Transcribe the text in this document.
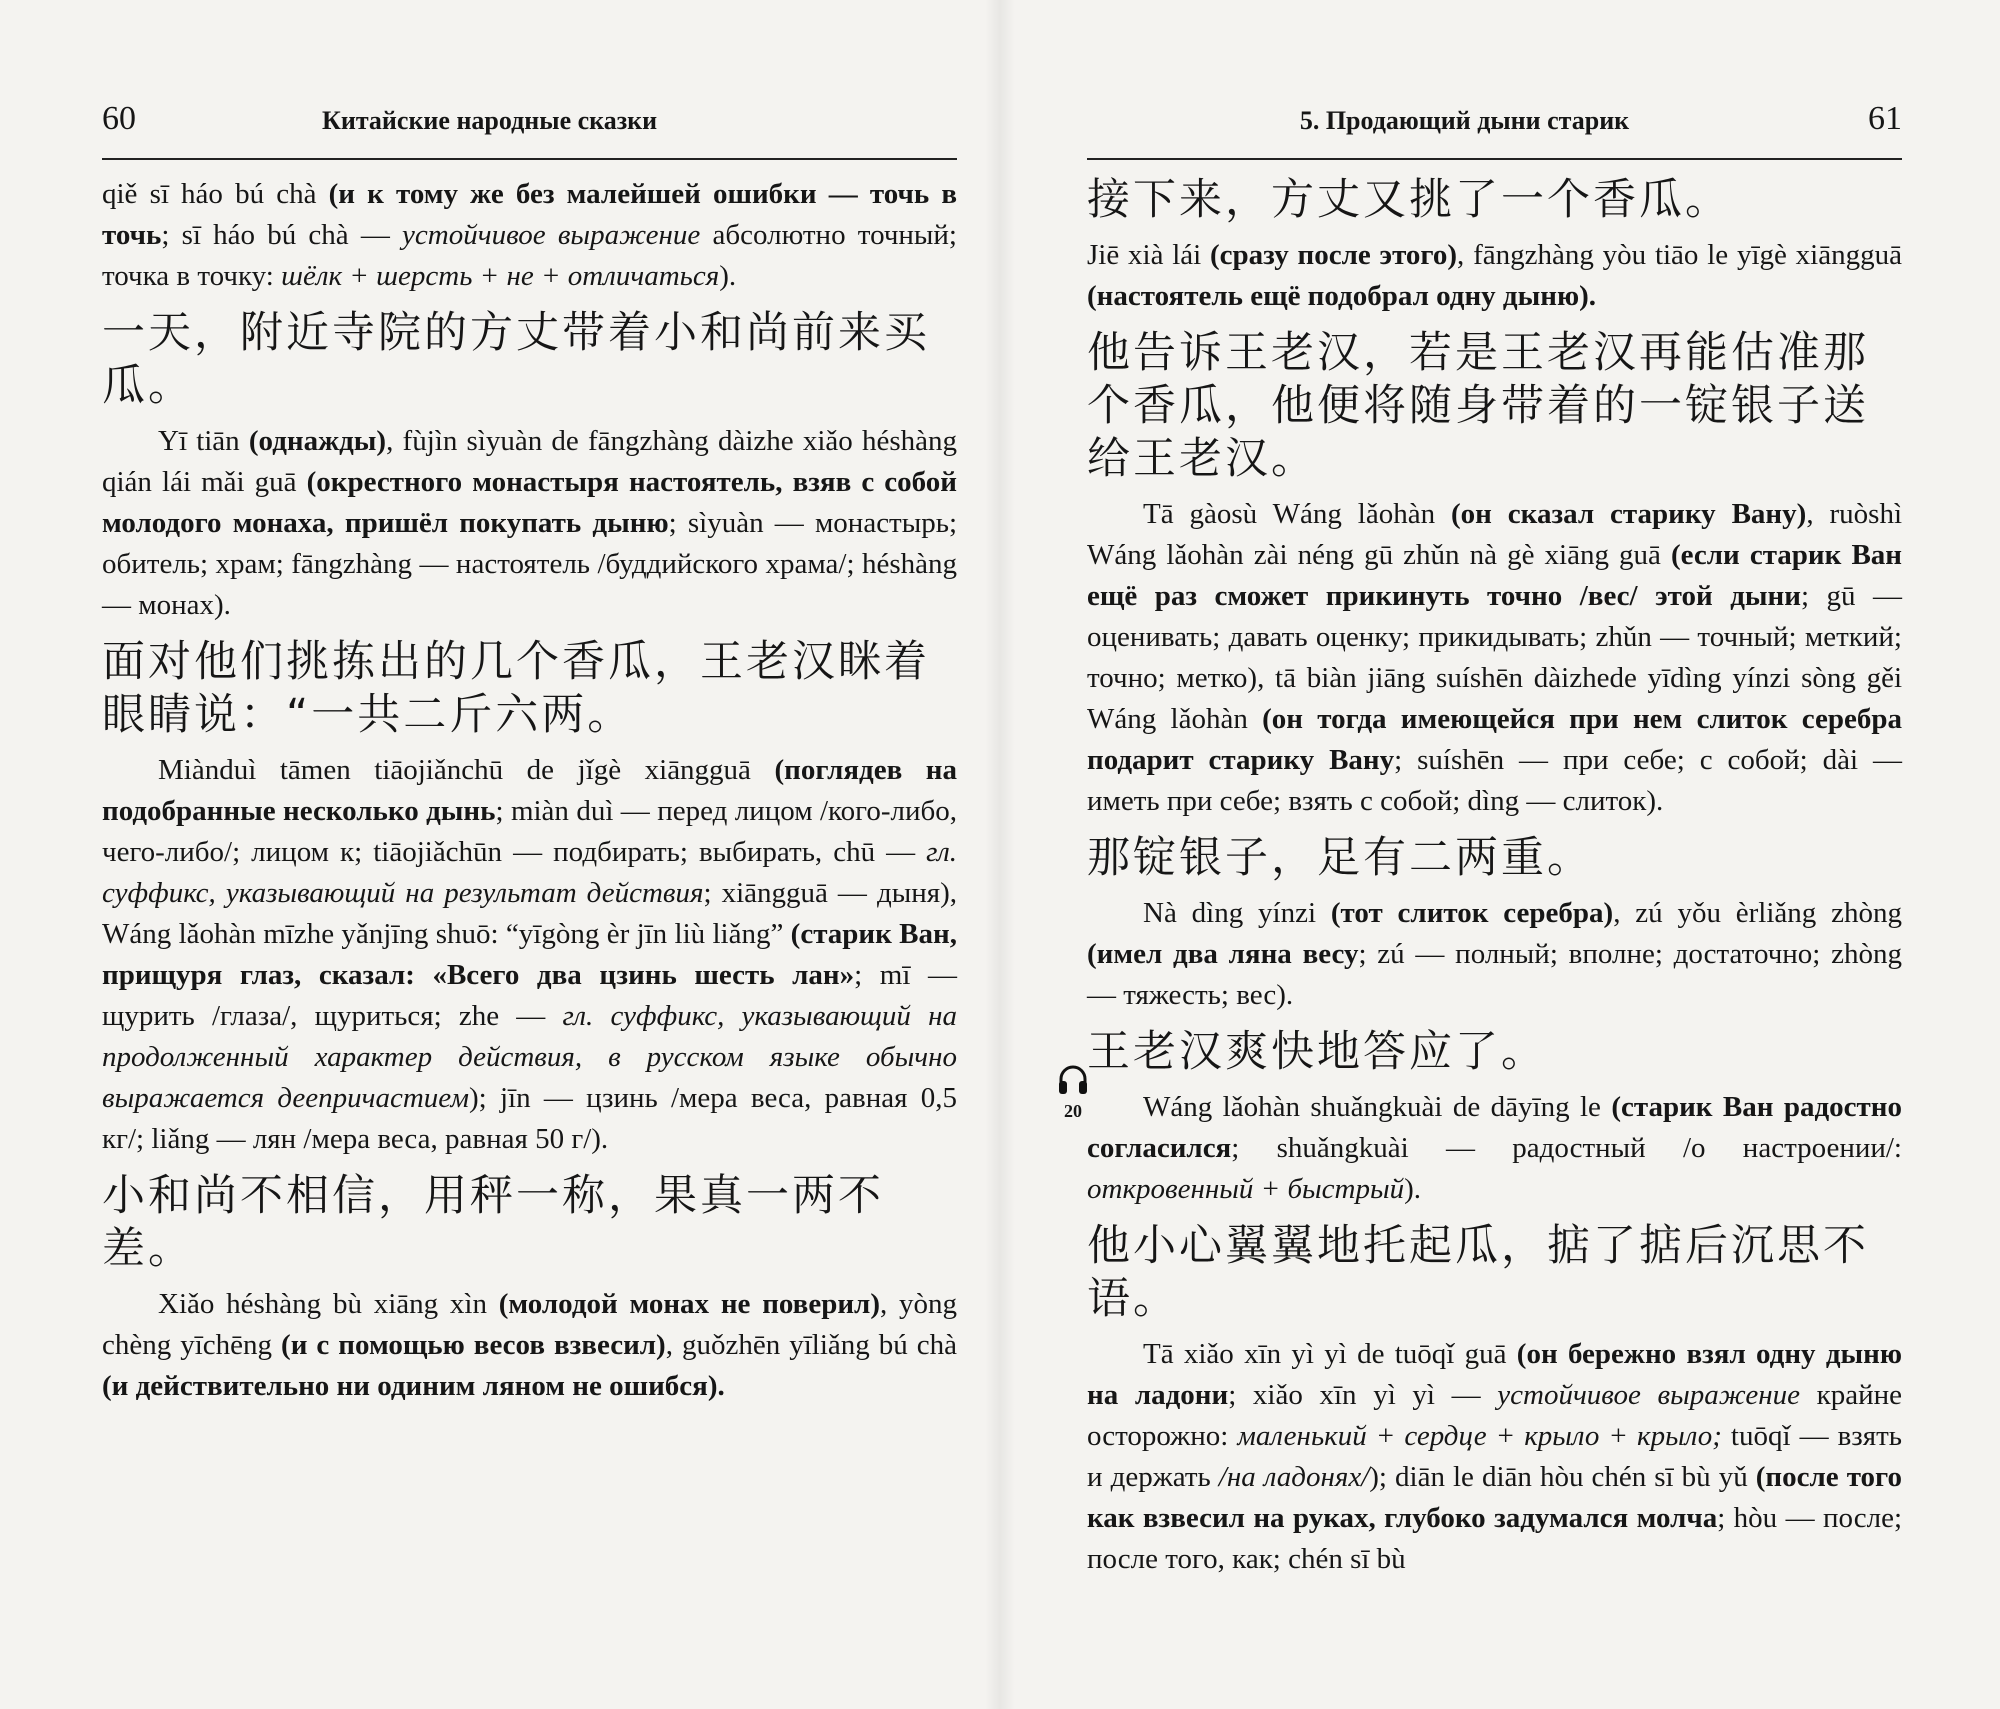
60	Китайские народные сказки

qiě sī háo bú chà (и к тому же без малейшей ошибки — точь в точь; sī háo bú chà — устойчивое выражение абсолютно точный; точка в точку: шёлк + шерсть + не + отличаться).

一天，附近寺院的方丈带着小和尚前来买瓜。

Yī tiān (однажды), fùjìn sìyuàn de fāngzhàng dàizhe xiǎo héshàng qián lái mǎi guā (окрестного монастыря настоятель, взяв с собой молодого монаха, пришёл покупать дыню; sìyuàn — монастырь; обитель; храм; fāngzhàng — настоятель /буддийского храма/; héshàng — монах).

面对他们挑拣出的几个香瓜，王老汉眯着眼睛说：“一共二斤六两。

Miànduì tāmen tiāojiǎnchū de jǐgè xiāngguā (поглядев на подобранные несколько дынь; miàn duì — перед лицом /кого-либо, чего-либо/; лицом к; tiāojiǎchūn — подбирать; выбирать, chū — гл. суффикс, указывающий на результат действия; xiāngguā — дыня), Wáng lǎohàn mīzhe yǎnjīng shuō: “yīgòng èr jīn liù liǎng” (старик Ван, прищуря глаз, сказал: «Всего два цзинь шесть лан»; mī — щурить /глаза/, щуриться; zhe — гл. суффикс, указывающий на продолженный характер действия, в русском языке обычно выражается деепричастием); jīn — цзинь /мера веса, равная 0,5 кг/; liǎng — лян /мера веса, равная 50 г/).

小和尚不相信，用秤一称，果真一两不差。

Xiǎo héshàng bù xiāng xìn (молодой монах не поверил), yòng chèng yīchēng (и с помощью весов взвесил), guǒzhēn yīliǎng bú chà (и действительно ни одиним ляном не ошибся).

20
5. Продающий дыни старик	61
接下来，方丈又挑了一个香瓜。

Jiē xià lái (сразу после этого), fāngzhàng yòu tiāo le yīgè xiāngguā (настоятель ещё подобрал одну дыню).

他告诉王老汉，若是王老汉再能估准那个香瓜，他便将随身带着的一锭银子送给王老汉。

Tā gàosù Wáng lǎohàn (он сказал старику Вану), ruòshì Wáng lǎohàn zài néng gū zhǔn nà gè xiāng guā (если старик Ван ещё раз сможет прикинуть точно /вес/ этой дыни; gū — оценивать; давать оценку; прикидывать; zhǔn — точный; меткий; точно; метко), tā biàn jiāng suíshēn dàizhede yīdìng yínzi sòng gěi Wáng lǎohàn (он тогда имеющейся при нем слиток серебра подарит старику Вану; suíshēn — при себе; с собой; dài — иметь при себе; взять с собой; dìng — слиток).

那锭银子，足有二两重。

Nà dìng yínzi (тот слиток серебра), zú yǒu èrliǎng zhòng (имел два ляна весу; zú — полный; вполне; достаточно; zhòng — тяжесть; вес).

王老汉爽快地答应了。

Wáng lǎohàn shuǎngkuài de dāyīng le (старик Ван радостно согласился; shuǎngkuài — радостный /о настроении/: откровенный + быстрый).

他小心翼翼地托起瓜，掂了掂后沉思不语。

Tā xiǎo xīn yì yì de tuōqǐ guā (он бережно взял одну дыню на ладони; xiǎo xīn yì yì — устойчивое выражение крайне осторожно: маленький + сердце + крыло + крыло; tuōqǐ — взять и держать /на ладонях/); diān le diān hòu chén sī bù yǔ (после того как взвесил на руках, глубоко задумался молча; hòu — после; после того, как; chén sī bù
